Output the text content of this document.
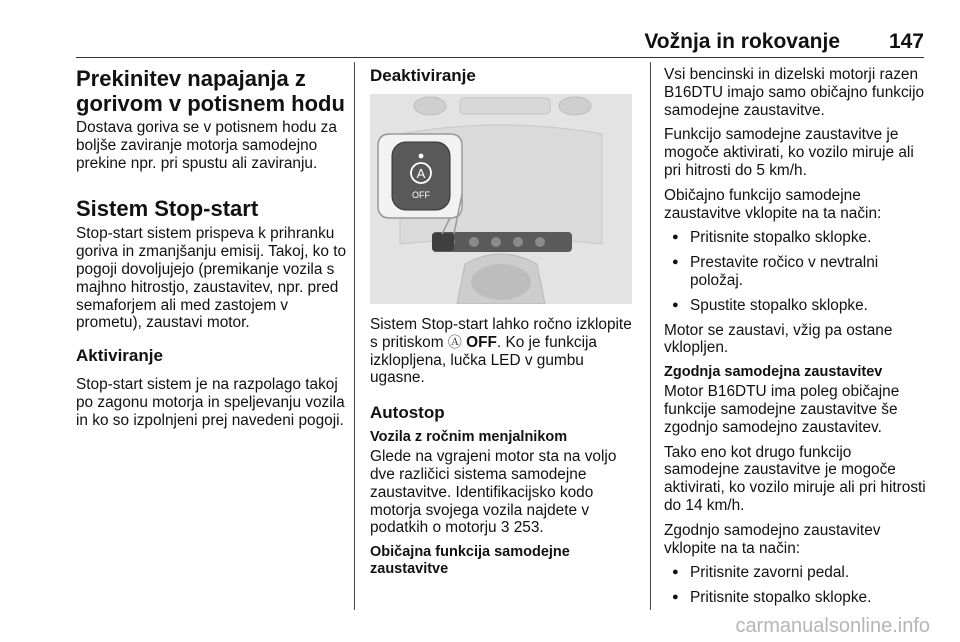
Vožnja in rokovanje 147
Prekinitev napajanja z gorivom v potisnem hodu

Dostava goriva se v potisnem hodu za boljše zaviranje motorja samodejno prekine npr. pri spustu ali zaviranju.

Sistem Stop-start

Stop-start sistem prispeva k prihranku goriva in zmanjšanju emisij. Takoj, ko to pogoji dovoljujejo (premikanje vozila s majhno hitrostjo, zaustavitev, npr. pred semaforjem ali med zastojem v prometu), zaustavi motor.

Aktiviranje

Stop-start sistem je na razpolago takoj po zagonu motorja in speljevanju vozila in ko so izpolnjeni prej navedeni pogoji.

Deaktiviranje
A
OFF

Sistem Stop-start lahko ročno izklopite s pritiskom Ⓐ OFF. Ko je funkcija izklopljena, lučka LED v gumbu ugasne.

Autostop
Vozila z ročnim menjalnikom

Glede na vgrajeni motor sta na voljo dve različici sistema samodejne zaustavitve. Identifikacijsko kodo motorja svojega vozila najdete v podatkih o motorju 3 253.

Običajna funkcija samodejne zaustavitve

Vsi bencinski in dizelski motorji razen B16DTU imajo samo običajno funkcijo samodejne zaustavitve.

Funkcijo samodejne zaustavitve je mogoče aktivirati, ko vozilo miruje ali pri hitrosti do 5 km/h.

Običajno funkcijo samodejne zaustavitve vklopite na ta način:

● Pritisnite stopalko sklopke.
● Prestavite ročico v nevtralni položaj.
● Spustite stopalko sklopke.

Motor se zaustavi, vžig pa ostane vklopljen.

Zgodnja samodejna zaustavitev

Motor B16DTU ima poleg običajne funkcije samodejne zaustavitve še zgodnjo samodejno zaustavitev.

Tako eno kot drugo funkcijo samodejne zaustavitve je mogoče aktivirati, ko vozilo miruje ali pri hitrosti do 14 km/h.

Zgodnjo samodejno zaustavitev vklopite na ta način:

● Pritisnite zavorni pedal.
● Pritisnite stopalko sklopke.
carmanualsonline.info
